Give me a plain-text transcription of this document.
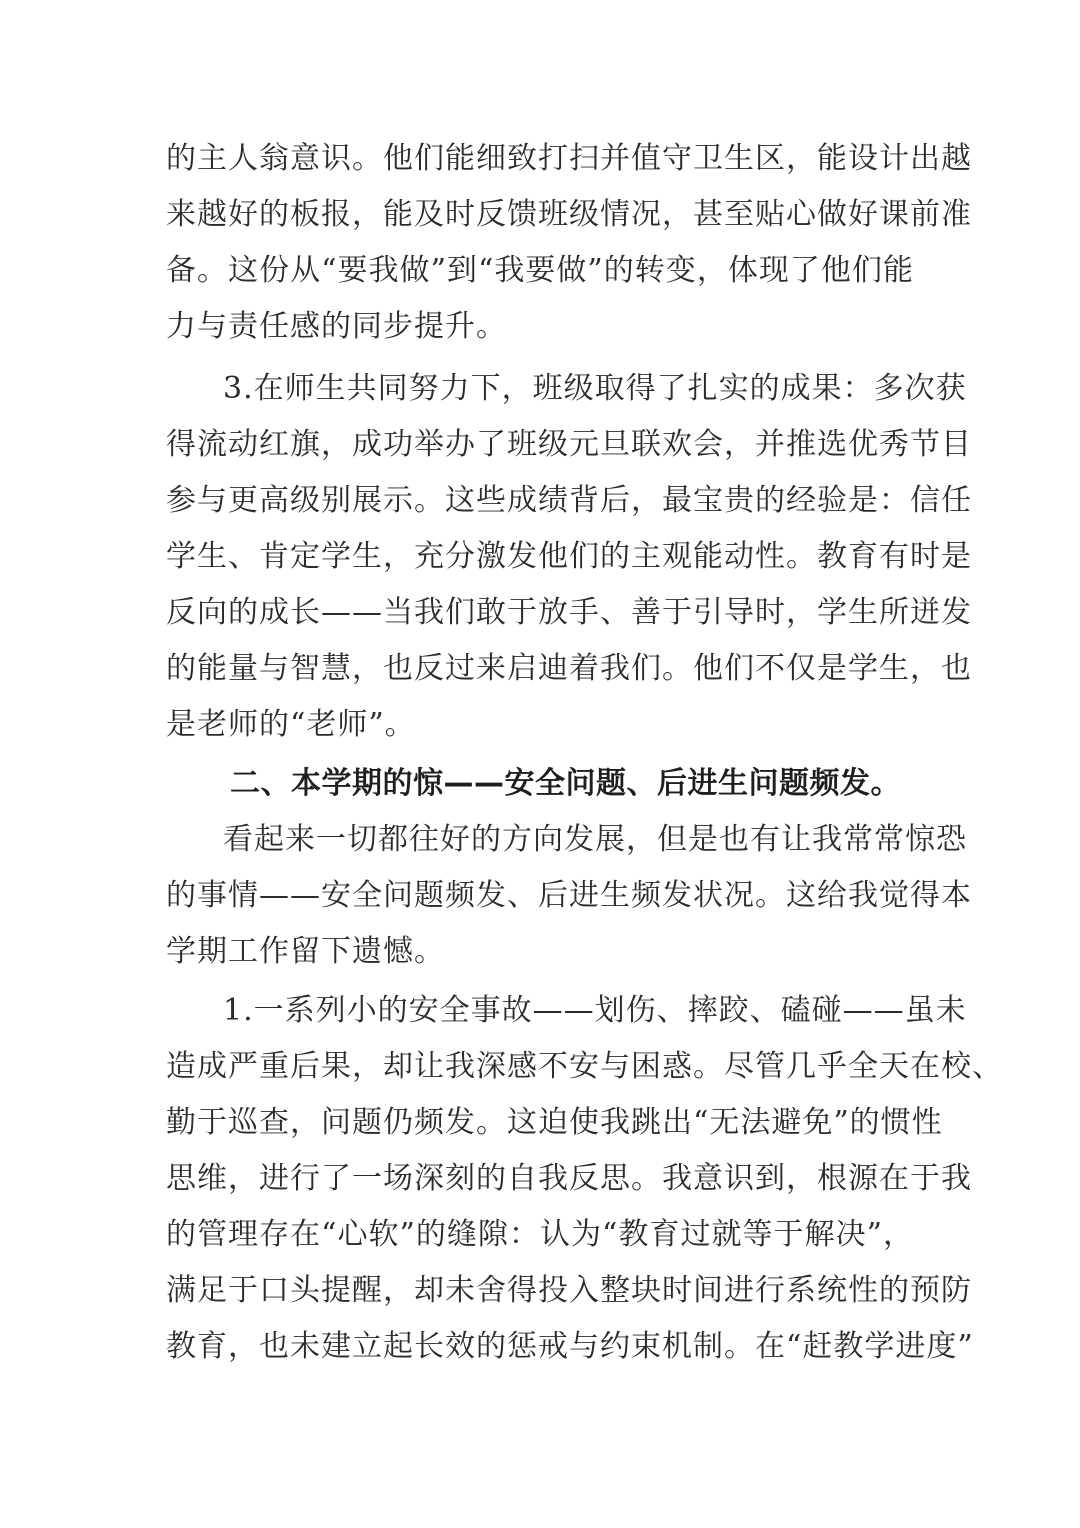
的主人翁意识。他们能细致打扫并值守卫生区，能设计出越
来越好的板报，能及时反馈班级情况，甚至贴心做好课前准
备。这份从“要我做”到“我要做”的转变，体现了他们能
力与责任感的同步提升。
3.在师生共同努力下，班级取得了扎实的成果：多次获
得流动红旗，成功举办了班级元旦联欢会，并推选优秀节目
参与更高级别展示。这些成绩背后，最宝贵的经验是：信任
学生、肯定学生，充分激发他们的主观能动性。教育有时是
反向的成长——当我们敢于放手、善于引导时，学生所迸发
的能量与智慧，也反过来启迪着我们。他们不仅是学生，也
是老师的“老师”。
二、本学期的惊——安全问题、后进生问题频发。
看起来一切都往好的方向发展，但是也有让我常常惊恐
的事情——安全问题频发、后进生频发状况。这给我觉得本
学期工作留下遗憾。
1.一系列小的安全事故——划伤、摔跤、磕碰——虽未
造成严重后果，却让我深感不安与困惑。尽管几乎全天在校、
勤于巡查，问题仍频发。这迫使我跳出“无法避免”的惯性
思维，进行了一场深刻的自我反思。我意识到，根源在于我
的管理存在“心软”的缝隙：认为“教育过就等于解决”，
满足于口头提醒，却未舍得投入整块时间进行系统性的预防
教育，也未建立起长效的惩戒与约束机制。在“赶教学进度”
